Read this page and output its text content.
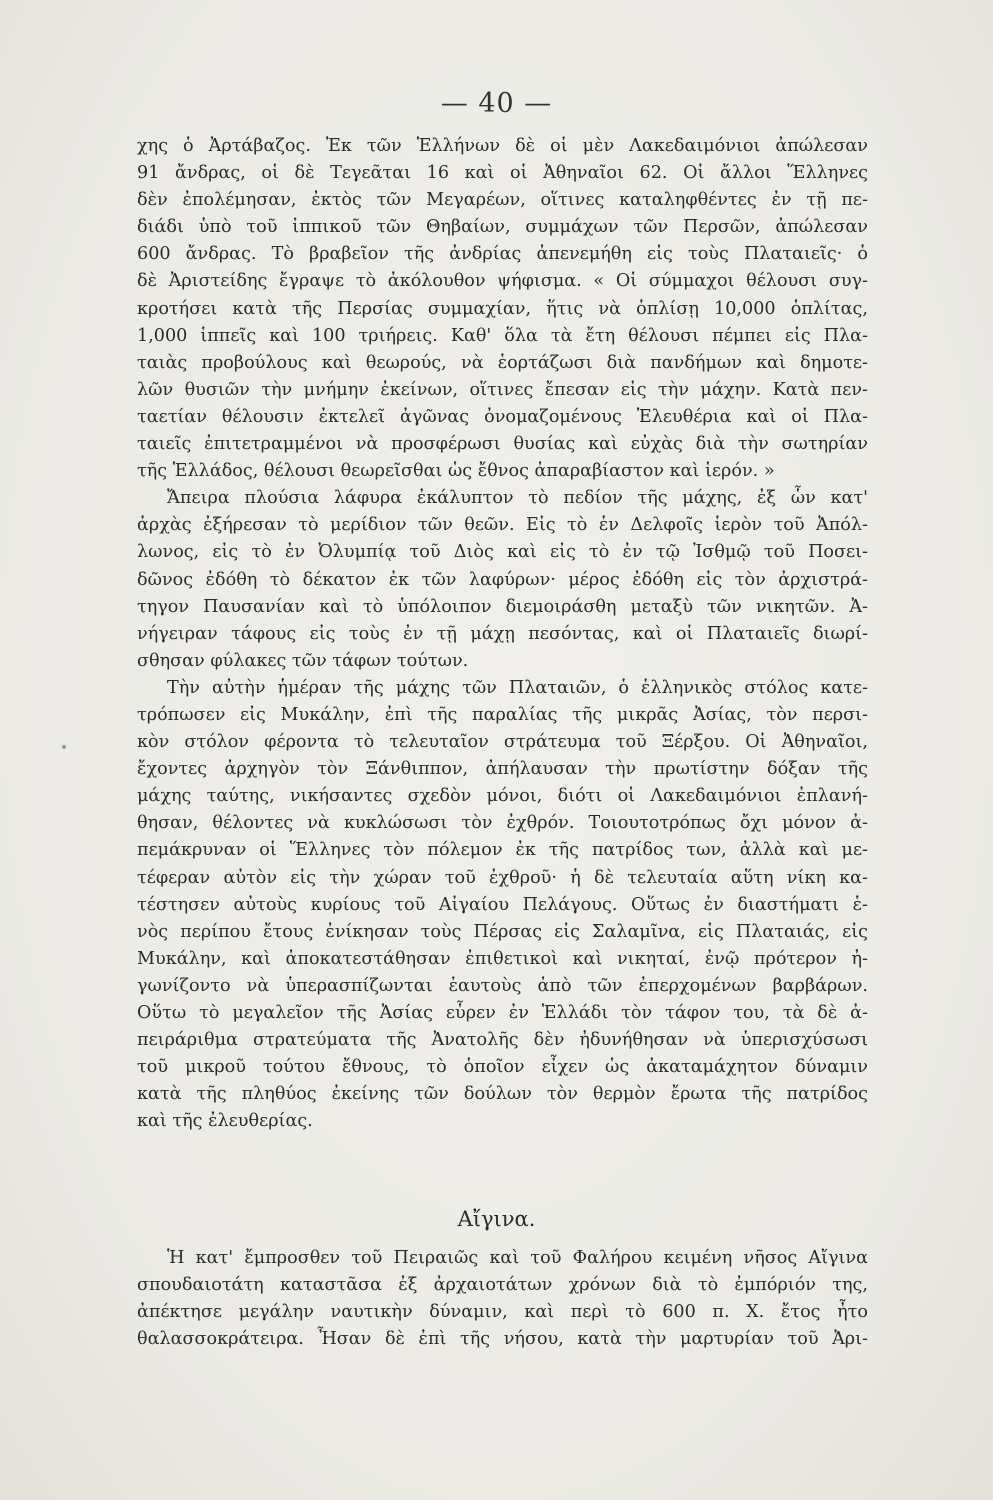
— 40 —
χης ὁ Ἀρτάβαζος. Ἐκ τῶν Ἑλλήνων δὲ οἱ μὲν Λακεδαιμόνιοι ἀπώλεσαν
91 ἄνδρας, οἱ δὲ Τεγεᾶται 16 καὶ οἱ Ἀθηναῖοι 62. Οἱ ἄλλοι Ἕλληνες
δὲν ἐπολέμησαν, ἐκτὸς τῶν Μεγαρέων, οἵτινες καταληφθέντες ἐν τῇ πε-
διάδι ὑπὸ τοῦ ἱππικοῦ τῶν Θηβαίων, συμμάχων τῶν Περσῶν, ἀπώλεσαν
600 ἄνδρας. Τὸ βραβεῖον τῆς ἀνδρίας ἀπενεμήθη εἰς τοὺς Πλαταιεῖς· ὁ
δὲ Ἀριστείδης ἔγραψε τὸ ἀκόλουθον ψήφισμα. « Οἱ σύμμαχοι θέλουσι συγ-
κροτήσει κατὰ τῆς Περσίας συμμαχίαν, ἥτις νὰ ὁπλίσῃ 10,000 ὁπλίτας,
1,000 ἱππεῖς καὶ 100 τριήρεις. Καθ' ὅλα τὰ ἔτη θέλουσι πέμπει εἰς Πλα-
ταιὰς προβούλους καὶ θεωρούς, νὰ ἑορτάζωσι διὰ πανδήμων καὶ δημοτε-
λῶν θυσιῶν τὴν μνήμην ἐκείνων, οἵτινες ἔπεσαν εἰς τὴν μάχην. Κατὰ πεν-
ταετίαν θέλουσιν ἐκτελεῖ ἀγῶνας ὀνομαζομένους Ἐλευθέρια καὶ οἱ Πλα-
ταιεῖς ἐπιτετραμμένοι νὰ προσφέρωσι θυσίας καὶ εὐχὰς διὰ τὴν σωτηρίαν
τῆς Ἑλλάδος, θέλουσι θεωρεῖσθαι ὡς ἔθνος ἀπαραβίαστον καὶ ἱερόν. »
Ἄπειρα πλούσια λάφυρα ἐκάλυπτον τὸ πεδίον τῆς μάχης, ἐξ ὧν κατ'
ἀρχὰς ἐξήρεσαν τὸ μερίδιον τῶν θεῶν. Εἰς τὸ ἐν Δελφοῖς ἱερὸν τοῦ Ἀπόλ-
λωνος, εἰς τὸ ἐν Ὀλυμπίᾳ τοῦ Διὸς καὶ εἰς τὸ ἐν τῷ Ἰσθμῷ τοῦ Ποσει-
δῶνος ἐδόθη τὸ δέκατον ἐκ τῶν λαφύρων· μέρος ἐδόθη εἰς τὸν ἀρχιστρά-
τηγον Παυσανίαν καὶ τὸ ὑπόλοιπον διεμοιράσθη μεταξὺ τῶν νικητῶν. Ἀ-
νήγειραν τάφους εἰς τοὺς ἐν τῇ μάχῃ πεσόντας, καὶ οἱ Πλαταιεῖς διωρί-
σθησαν φύλακες τῶν τάφων τούτων.
Τὴν αὐτὴν ἡμέραν τῆς μάχης τῶν Πλαταιῶν, ὁ ἑλληνικὸς στόλος κατε-
τρόπωσεν εἰς Μυκάλην, ἐπὶ τῆς παραλίας τῆς μικρᾶς Ἀσίας, τὸν περσι-
κὸν στόλον φέροντα τὸ τελευταῖον στράτευμα τοῦ Ξέρξου. Οἱ Ἀθηναῖοι,
ἔχοντες ἀρχηγὸν τὸν Ξάνθιππον, ἀπήλαυσαν τὴν πρωτίστην δόξαν τῆς
μάχης ταύτης, νικήσαντες σχεδὸν μόνοι, διότι οἱ Λακεδαιμόνιοι ἐπλανή-
θησαν, θέλοντες νὰ κυκλώσωσι τὸν ἐχθρόν. Τοιουτοτρόπως ὄχι μόνον ἀ-
πεμάκρυναν οἱ Ἕλληνες τὸν πόλεμον ἐκ τῆς πατρίδος των, ἀλλὰ καὶ με-
τέφεραν αὐτὸν εἰς τὴν χώραν τοῦ ἐχθροῦ· ἡ δὲ τελευταία αὕτη νίκη κα-
τέστησεν αὐτοὺς κυρίους τοῦ Αἰγαίου Πελάγους. Οὕτως ἐν διαστήματι ἑ-
νὸς περίπου ἔτους ἐνίκησαν τοὺς Πέρσας εἰς Σαλαμῖνα, εἰς Πλαταιάς, εἰς
Μυκάλην, καὶ ἀποκατεστάθησαν ἐπιθετικοὶ καὶ νικηταί, ἐνῷ πρότερον ἠ-
γωνίζοντο νὰ ὑπερασπίζωνται ἑαυτοὺς ἀπὸ τῶν ἐπερχομένων βαρβάρων.
Οὕτω τὸ μεγαλεῖον τῆς Ἀσίας εὗρεν ἐν Ἑλλάδι τὸν τάφον του, τὰ δὲ ἀ-
πειράριθμα στρατεύματα τῆς Ἀνατολῆς δὲν ἠδυνήθησαν νὰ ὑπερισχύσωσι
τοῦ μικροῦ τούτου ἔθνους, τὸ ὁποῖον εἶχεν ὡς ἀκαταμάχητον δύναμιν
κατὰ τῆς πληθύος ἐκείνης τῶν δούλων τὸν θερμὸν ἔρωτα τῆς πατρίδος
καὶ τῆς ἐλευθερίας.
Αἴγινα.
Ἡ κατ' ἔμπροσθεν τοῦ Πειραιῶς καὶ τοῦ Φαλήρου κειμένη νῆσος Αἴγινα
σπουδαιοτάτη καταστᾶσα ἐξ ἀρχαιοτάτων χρόνων διὰ τὸ ἐμπόριόν της,
ἀπέκτησε μεγάλην ναυτικὴν δύναμιν, καὶ περὶ τὸ 600 π. Χ. ἔτος ἦτο
θαλασσοκράτειρα. Ἦσαν δὲ ἐπὶ τῆς νήσου, κατὰ τὴν μαρτυρίαν τοῦ Ἀρι-
